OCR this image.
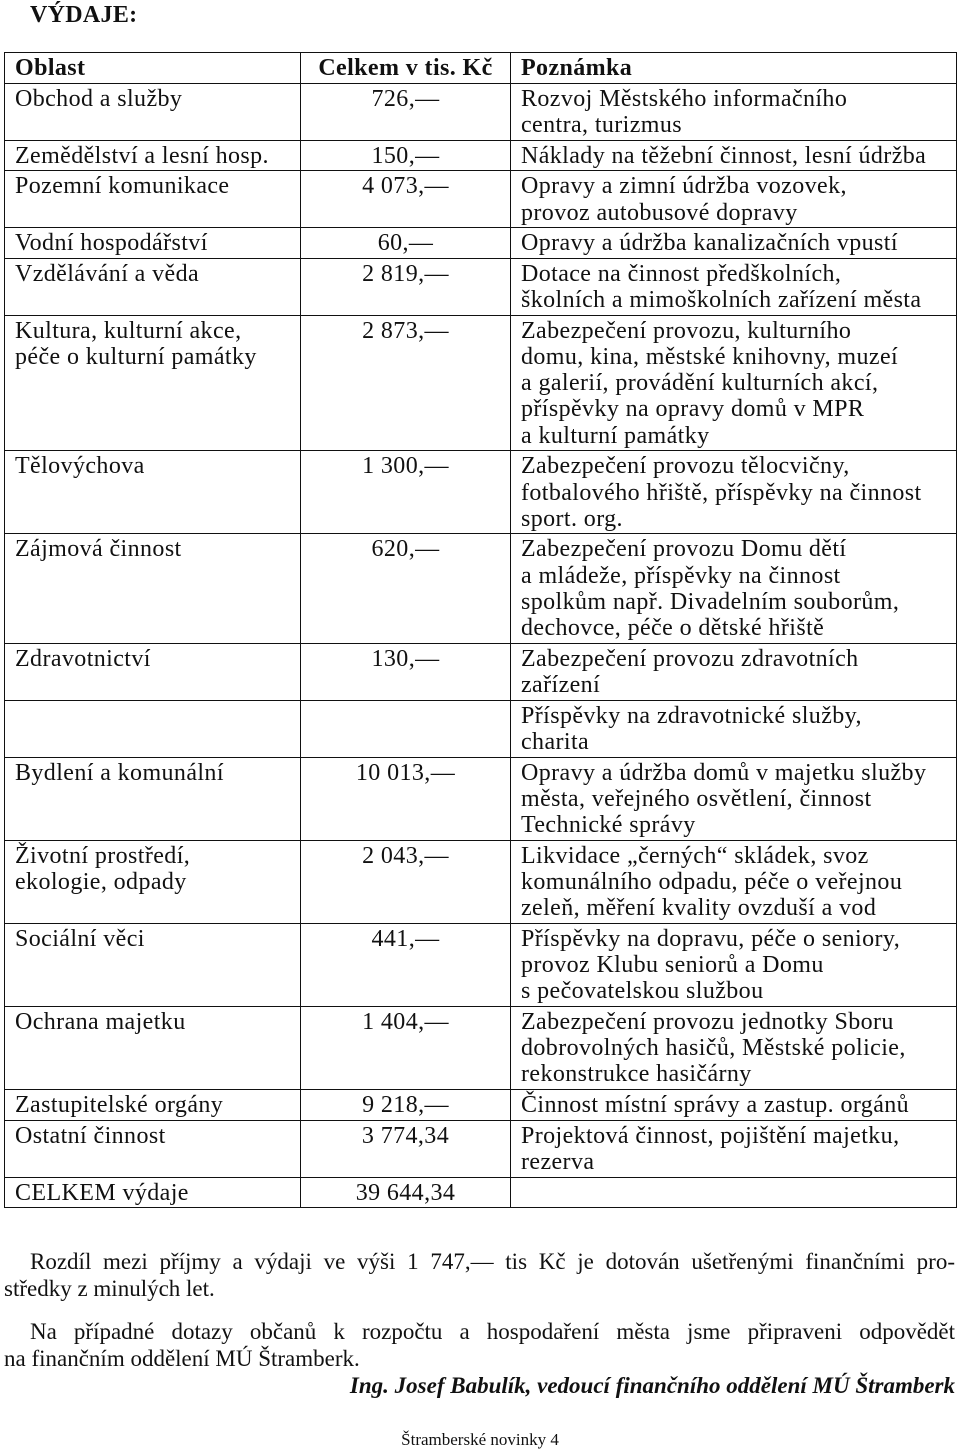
VÝDAJE:
Oblast	Celkem v tis. Kč	Poznámka
Obchod a služby	726,—	Rozvoj Městského informačního
centra, turizmus
Zemědělství a lesní hosp.	150,—	Náklady na těžební činnost, lesní údržba
Pozemní komunikace	4 073,—	Opravy a zimní údržba vozovek,
provoz autobusové dopravy
Vodní hospodářství	60,—	Opravy a údržba kanalizačních vpustí
Vzdělávání a věda	2 819,—	Dotace na činnost předškolních,
školních a mimoškolních zařízení města
Kultura, kulturní akce,
péče o kulturní památky	2 873,—	Zabezpečení provozu, kulturního
domu, kina, městské knihovny, muzeí
a galerií, provádění kulturních akcí,
příspěvky na opravy domů v MPR
a kulturní památky
Tělovýchova	1 300,—	Zabezpečení provozu tělocvičny,
fotbalového hřiště, příspěvky na činnost
sport. org.
Zájmová činnost	620,—	Zabezpečení provozu Domu dětí
a mládeže, příspěvky na činnost
spolkům např. Divadelním souborům,
dechovce, péče o dětské hřiště
Zdravotnictví	130,—	Zabezpečení provozu zdravotních
zařízení
		Příspěvky na zdravotnické služby,
charita
Bydlení a komunální	10 013,—	Opravy a údržba domů v majetku služby
města, veřejného osvětlení, činnost
Technické správy
Životní prostředí,
ekologie, odpady	2 043,—	Likvidace „černých“ skládek, svoz
komunálního odpadu, péče o veřejnou
zeleň, měření kvality ovzduší a vod
Sociální věci	441,—	Příspěvky na dopravu, péče o seniory,
provoz Klubu seniorů a Domu
s pečovatelskou službou
Ochrana majetku	1 404,—	Zabezpečení provozu jednotky Sboru
dobrovolných hasičů, Městské policie,
rekonstrukce hasičárny
Zastupitelské orgány	9 218,—	Činnost místní správy a zastup. orgánů
Ostatní činnost	3 774,34	Projektová činnost, pojištění majetku,
rezerva
CELKEM výdaje	39 644,34	
Rozdíl mezi příjmy a výdaji ve výši 1 747,— tis Kč je dotován ušetřenými finančními pro-
středky z minulých let.
Na případné dotazy občanů k rozpočtu a hospodaření města jsme připraveni odpovědět
na finančním oddělení MÚ Štramberk.
Ing. Josef Babulík, vedoucí finančního oddělení MÚ Štramberk
Štramberské novinky 4
